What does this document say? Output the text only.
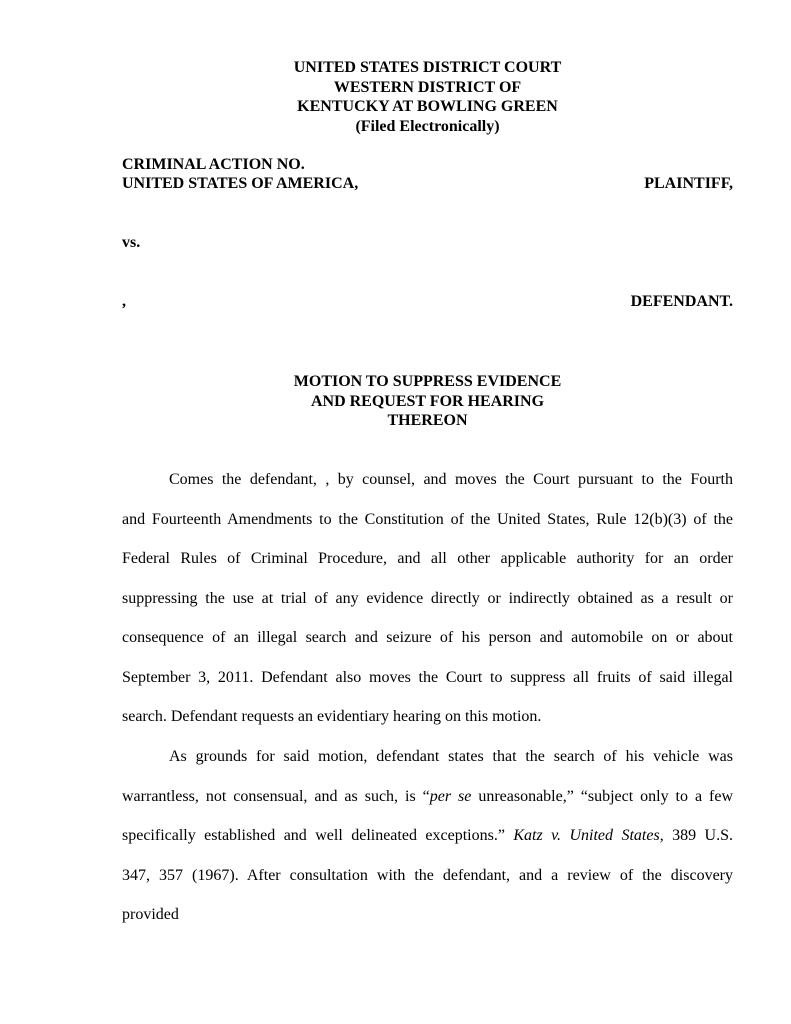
UNITED STATES DISTRICT COURT
WESTERN DISTRICT OF
KENTUCKY AT BOWLING GREEN
(Filed Electronically)
CRIMINAL ACTION NO.
UNITED STATES OF AMERICA,	PLAINTIFF,
vs.
,	DEFENDANT.
MOTION TO SUPPRESS EVIDENCE
AND REQUEST FOR HEARING
THEREON
Comes the defendant, , by counsel, and moves the Court pursuant to the Fourth
and Fourteenth Amendments to the Constitution of the United States, Rule 12(b)(3) of the
Federal Rules of Criminal Procedure, and all other applicable authority for an order
suppressing the use at trial of any evidence directly or indirectly obtained as a result or
consequence of an illegal search and seizure of his person and automobile on or about
September 3, 2011. Defendant also moves the Court to suppress all fruits of said illegal
search. Defendant requests an evidentiary hearing on this motion.
As grounds for said motion, defendant states that the search of his vehicle was
warrantless, not consensual, and as such, is “per se unreasonable,” “subject only to a few
specifically established and well delineated exceptions.” Katz v. United States, 389 U.S.
347, 357 (1967). After consultation with the defendant, and a review of the discovery
provided
